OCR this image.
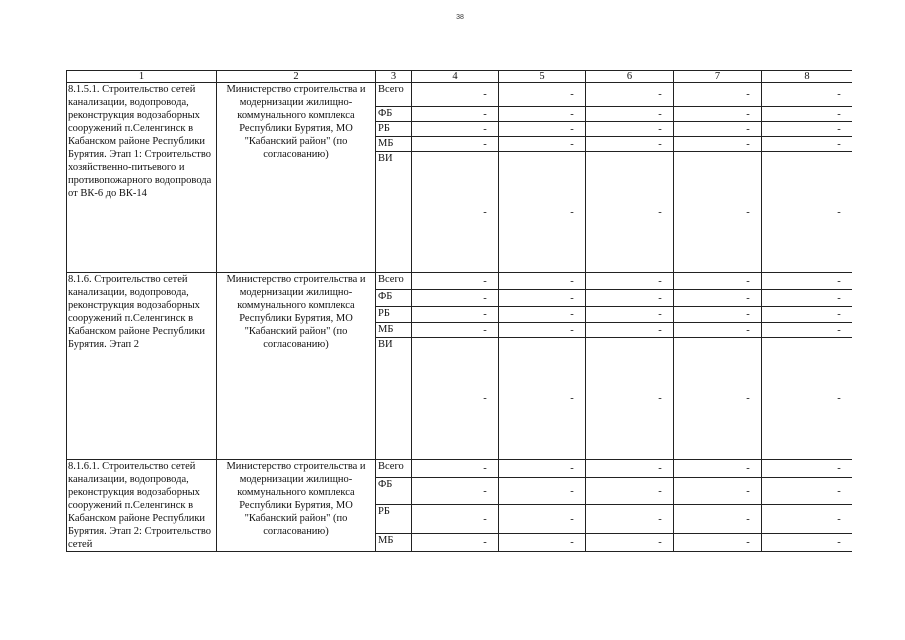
38
1	2	3	4	5	6	7	8
8.1.5.1. Строительство сетей канализации, водопровода, реконструкция водозаборных сооружений п.Селенгинск в Кабанском районе Республики Бурятия. Этап 1: Строительство хозяйственно-питьевого и противопожарного водопровода от ВК-6 до ВК-14	Министерство строительства и модернизации жилищно-коммунального комплекса Республики Бурятия, МО "Кабанский район" (по согласованию)	Всего	-	-	-	-	-
		ФБ	-	-	-	-	-
		РБ	-	-	-	-	-
		МБ	-	-	-	-	-
		ВИ	-	-	-	-	-
8.1.6. Строительство сетей канализации, водопровода, реконструкция водозаборных сооружений п.Селенгинск в Кабанском районе Республики Бурятия. Этап 2	Министерство строительства и модернизации жилищно-коммунального комплекса Республики Бурятия, МО "Кабанский район" (по согласованию)	Всего	-	-	-	-	-
		ФБ	-	-	-	-	-
		РБ	-	-	-	-	-
		МБ	-	-	-	-	-
		ВИ	-	-	-	-	-
8.1.6.1. Строительство сетей канализации, водопровода, реконструкция водозаборных сооружений п.Селенгинск в Кабанском районе Республики Бурятия. Этап 2: Строительство сетей	Министерство строительства и модернизации жилищно-коммунального комплекса Республики Бурятия, МО "Кабанский район" (по согласованию)	Всего	-	-	-	-	-
		ФБ	-	-	-	-	-
		РБ	-	-	-	-	-
		МБ	-	-	-	-	-
